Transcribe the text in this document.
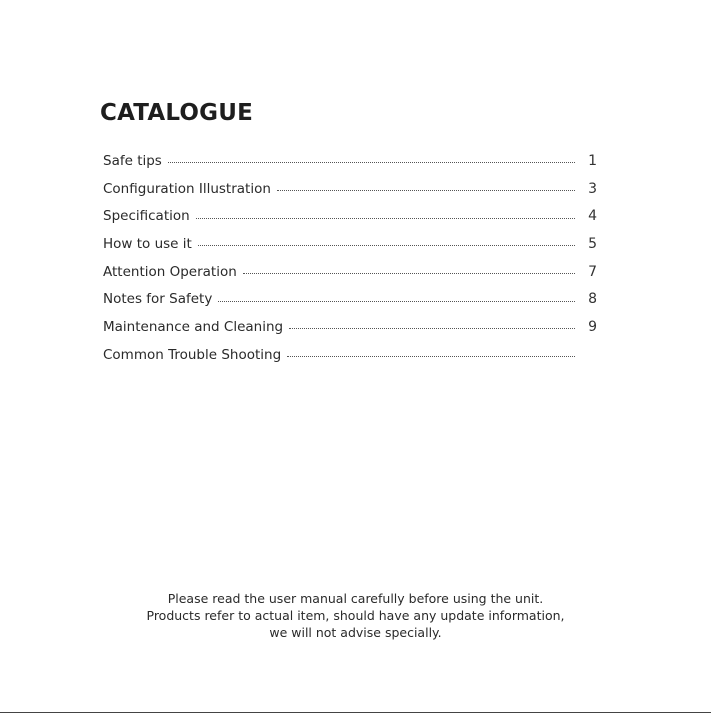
CATALOGUE
Safe tips	1
Configuration Illustration	3
Specification	4
How to use it	5
Attention Operation	7
Notes for Safety	8
Maintenance and Cleaning	9
Common Trouble Shooting
Please read the user manual carefully before using the unit.
Products refer to actual item, should have any update information,
we will not advise specially.
